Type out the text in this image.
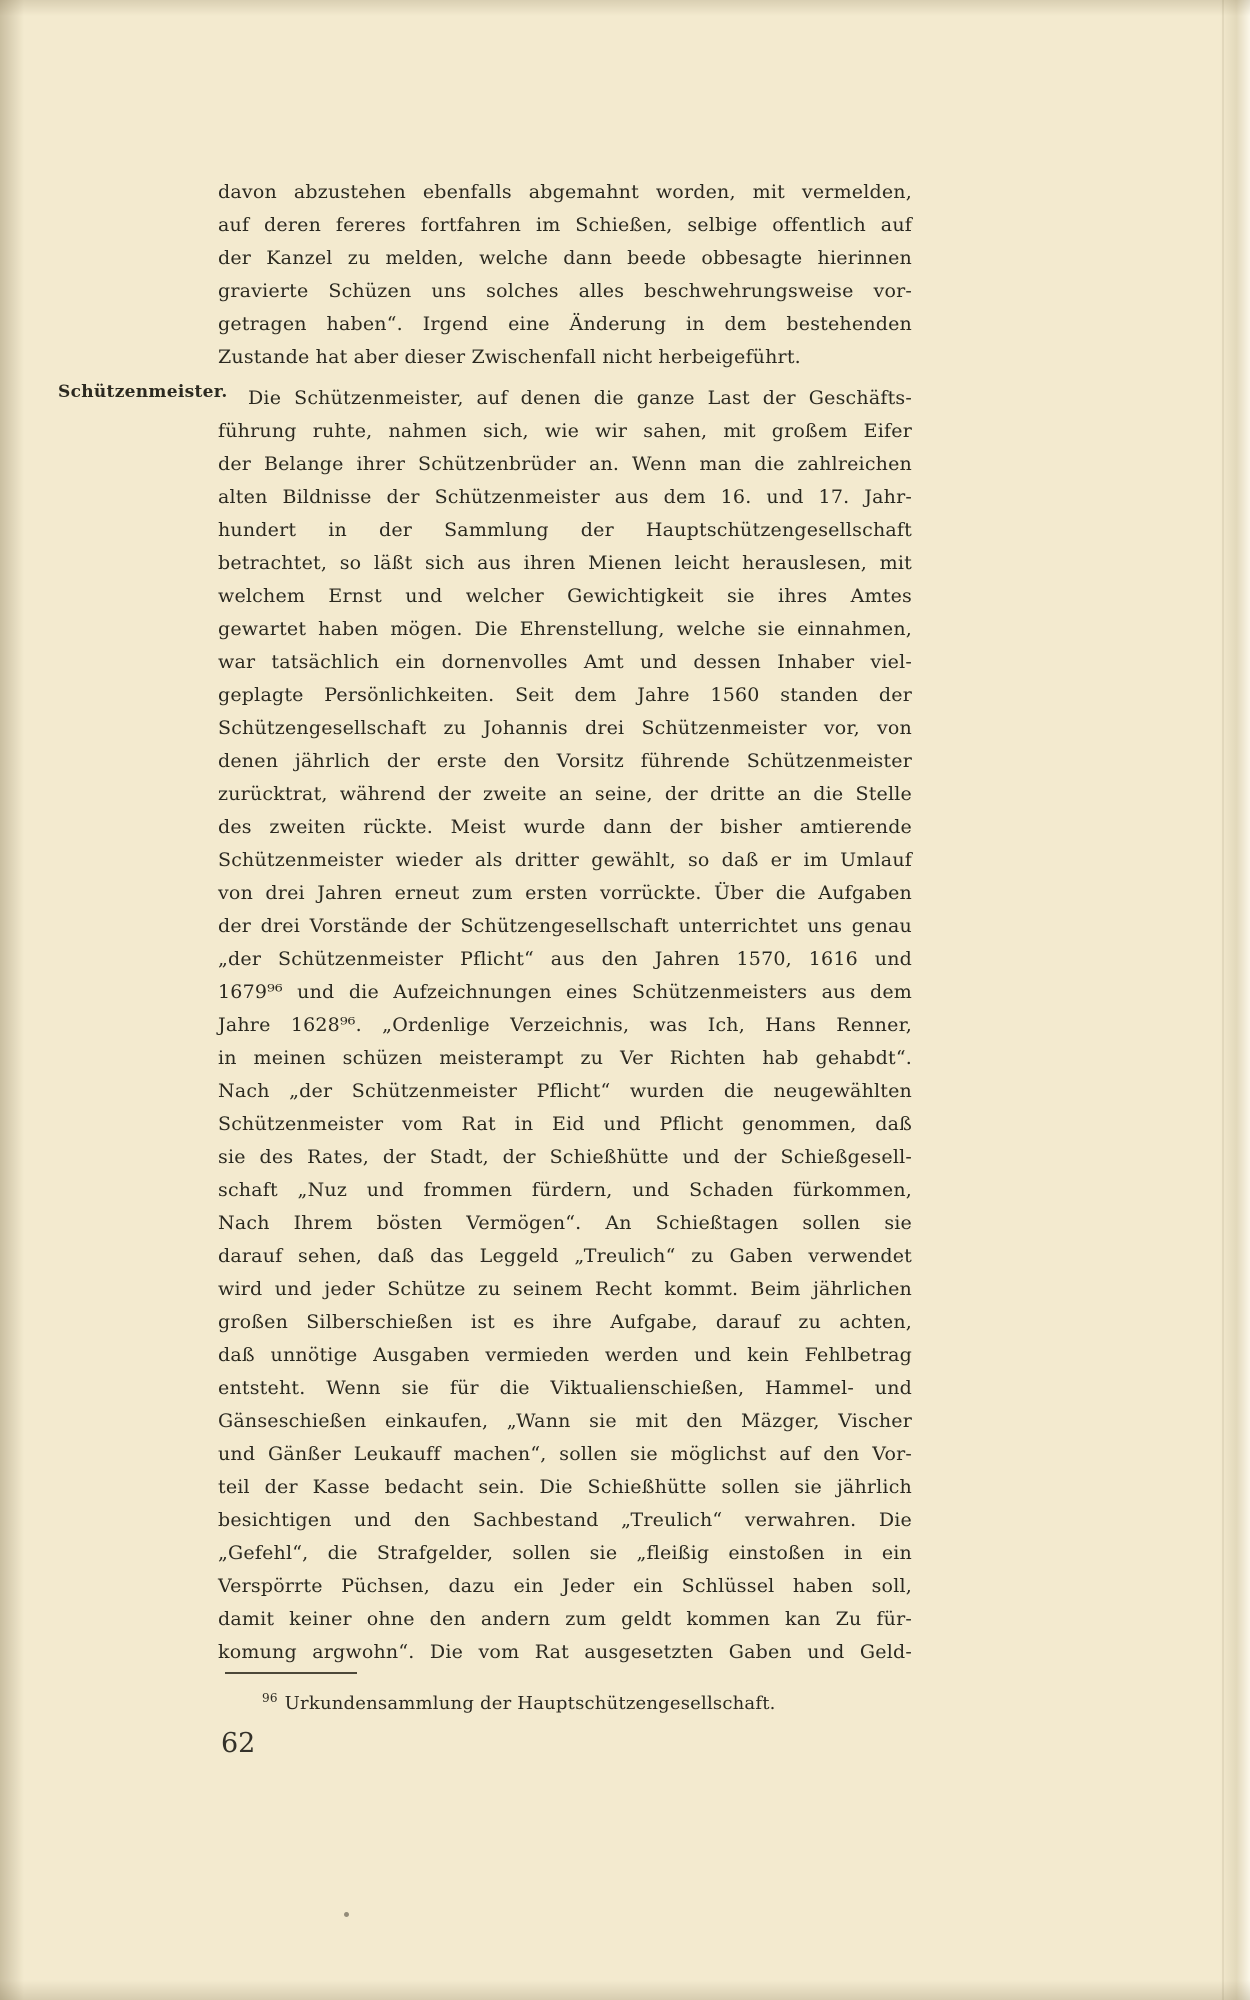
Schützenmeister.
davon abzustehen ebenfalls abgemahnt worden, mit vermelden,
auf deren fereres fortfahren im Schießen, selbige offentlich auf
der Kanzel zu melden, welche dann beede obbesagte hierinnen
gravierte Schüzen uns solches alles beschwehrungsweise vor-
getragen haben“. Irgend eine Änderung in dem bestehenden
Zustande hat aber dieser Zwischenfall nicht herbeigeführt.
Die Schützenmeister, auf denen die ganze Last der Geschäfts-
führung ruhte, nahmen sich, wie wir sahen, mit großem Eifer
der Belange ihrer Schützenbrüder an. Wenn man die zahlreichen
alten Bildnisse der Schützenmeister aus dem 16. und 17. Jahr-
hundert in der Sammlung der Hauptschützengesellschaft
betrachtet, so läßt sich aus ihren Mienen leicht herauslesen, mit
welchem Ernst und welcher Gewichtigkeit sie ihres Amtes
gewartet haben mögen. Die Ehrenstellung, welche sie einnahmen,
war tatsächlich ein dornenvolles Amt und dessen Inhaber viel-
geplagte Persönlichkeiten. Seit dem Jahre 1560 standen der
Schützengesellschaft zu Johannis drei Schützenmeister vor, von
denen jährlich der erste den Vorsitz führende Schützenmeister
zurücktrat, während der zweite an seine, der dritte an die Stelle
des zweiten rückte. Meist wurde dann der bisher amtierende
Schützenmeister wieder als dritter gewählt, so daß er im Umlauf
von drei Jahren erneut zum ersten vorrückte. Über die Aufgaben
der drei Vorstände der Schützengesellschaft unterrichtet uns genau
„der Schützenmeister Pflicht“ aus den Jahren 1570, 1616 und
1679⁹⁶ und die Aufzeichnungen eines Schützenmeisters aus dem
Jahre 1628⁹⁶. „Ordenlige Verzeichnis, was Ich, Hans Renner,
in meinen schüzen meisterampt zu Ver Richten hab gehabdt“.
Nach „der Schützenmeister Pflicht“ wurden die neugewählten
Schützenmeister vom Rat in Eid und Pflicht genommen, daß
sie des Rates, der Stadt, der Schießhütte und der Schießgesell-
schaft „Nuz und frommen fürdern, und Schaden fürkommen,
Nach Ihrem bösten Vermögen“. An Schießtagen sollen sie
darauf sehen, daß das Leggeld „Treulich“ zu Gaben verwendet
wird und jeder Schütze zu seinem Recht kommt. Beim jährlichen
großen Silberschießen ist es ihre Aufgabe, darauf zu achten,
daß unnötige Ausgaben vermieden werden und kein Fehlbetrag
entsteht. Wenn sie für die Viktualienschießen, Hammel- und
Gänseschießen einkaufen, „Wann sie mit den Mäzger, Vischer
und Gänßer Leukauff machen“, sollen sie möglichst auf den Vor-
teil der Kasse bedacht sein. Die Schießhütte sollen sie jährlich
besichtigen und den Sachbestand „Treulich“ verwahren. Die
„Gefehl“, die Strafgelder, sollen sie „fleißig einstoßen in ein
Verspörrte Püchsen, dazu ein Jeder ein Schlüssel haben soll,
damit keiner ohne den andern zum geldt kommen kan Zu für-
komung argwohn“. Die vom Rat ausgesetzten Gaben und Geld-
$^{96}$ Urkundensammlung der Hauptschützengesellschaft.
62
